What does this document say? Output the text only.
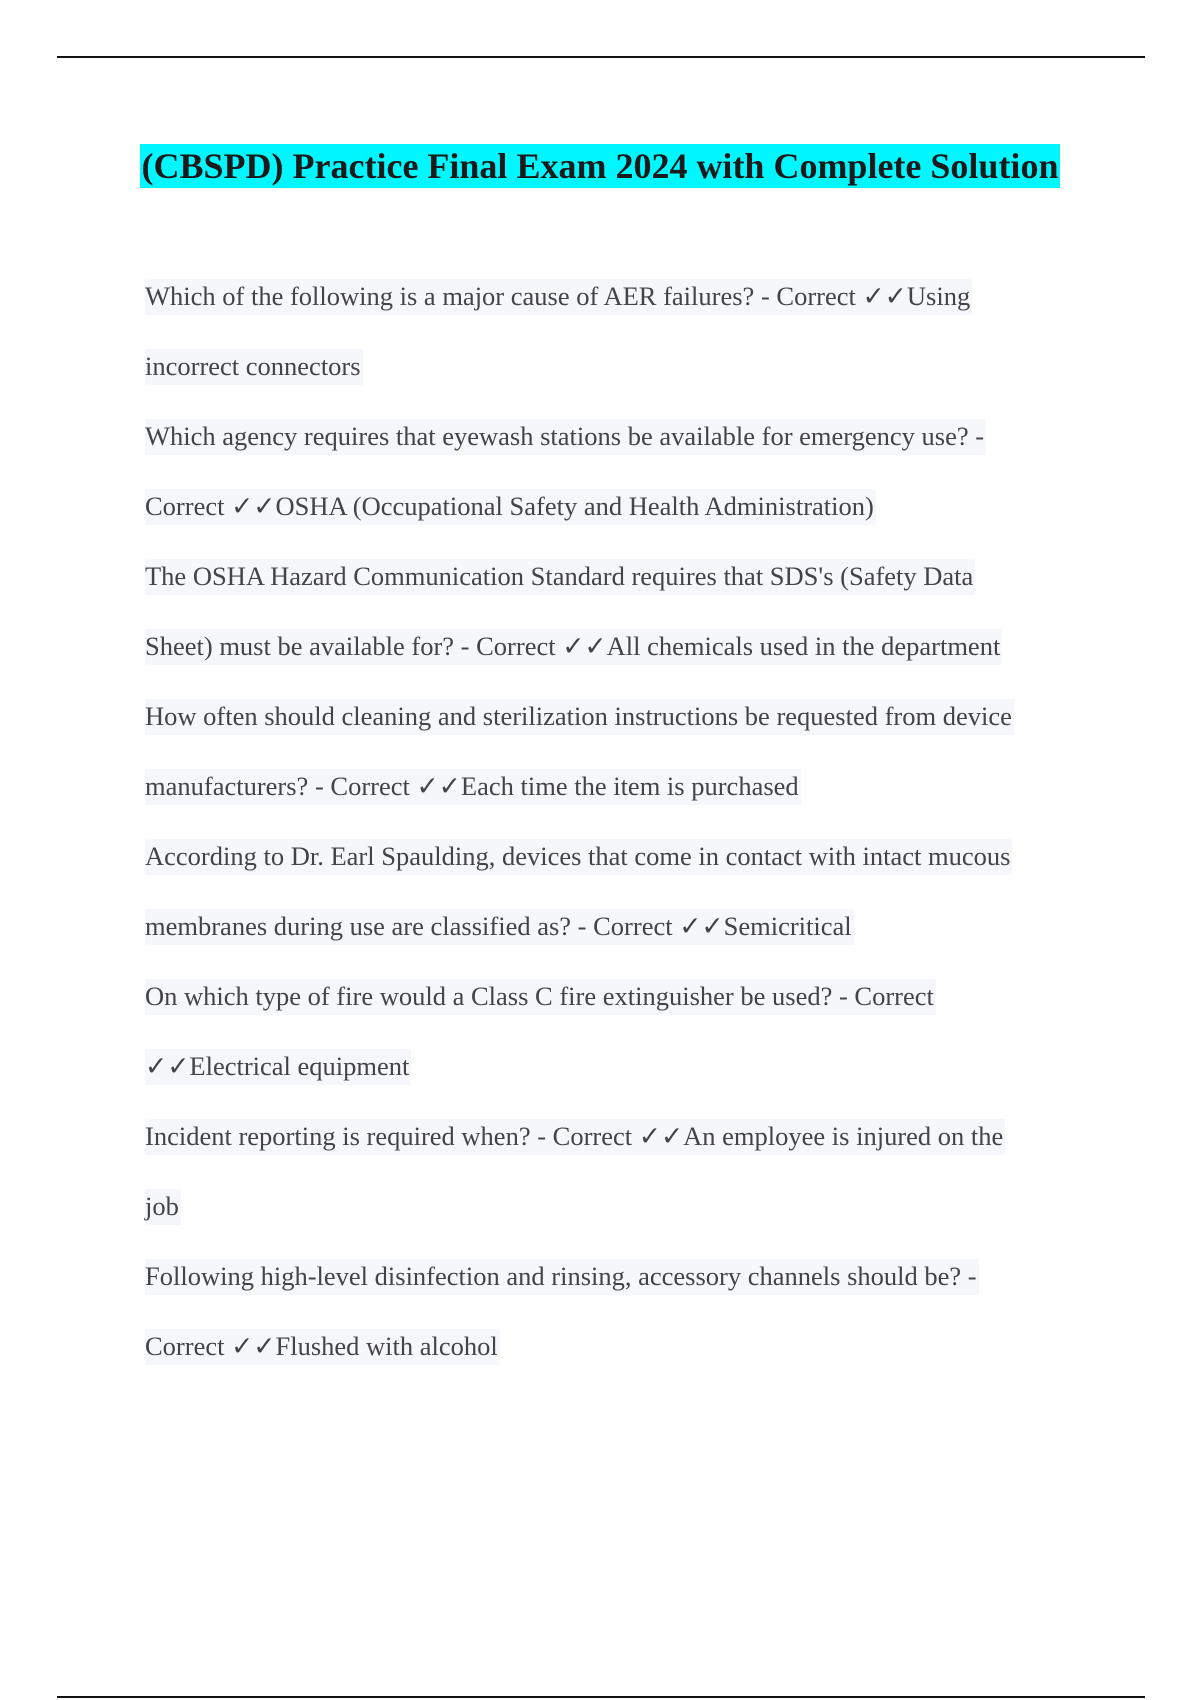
(CBSPD) Practice Final Exam 2024 with Complete Solution
Which of the following is a major cause of AER failures? - Correct ✓✓Using
incorrect connectors
Which agency requires that eyewash stations be available for emergency use? -
Correct ✓✓OSHA (Occupational Safety and Health Administration)
The OSHA Hazard Communication Standard requires that SDS's (Safety Data
Sheet) must be available for? - Correct ✓✓All chemicals used in the department
How often should cleaning and sterilization instructions be requested from device
manufacturers? - Correct ✓✓Each time the item is purchased
According to Dr. Earl Spaulding, devices that come in contact with intact mucous
membranes during use are classified as? - Correct ✓✓Semicritical
On which type of fire would a Class C fire extinguisher be used? - Correct
✓✓Electrical equipment
Incident reporting is required when? - Correct ✓✓An employee is injured on the
job
Following high-level disinfection and rinsing, accessory channels should be? -
Correct ✓✓Flushed with alcohol
